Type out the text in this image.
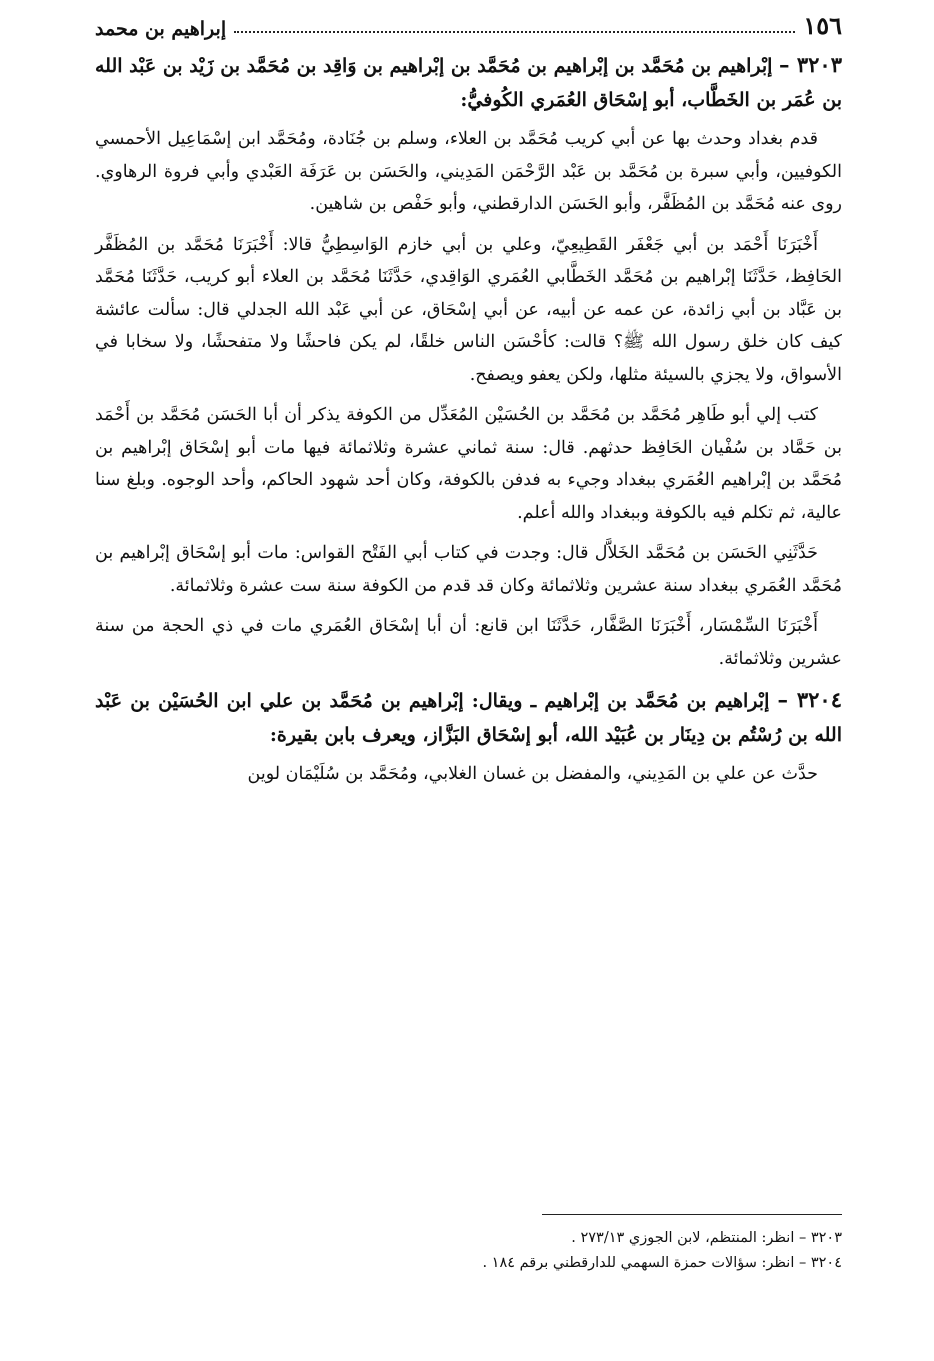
١٥٦
إبراهيم بن محمد

٣٢٠٣ – إبْراهيم بن مُحَمَّد بن إبْراهيم بن مُحَمَّد بن إبْراهيم بن وَاقِد بن مُحَمَّد بن زَيْد بن عَبْد الله بن عُمَر بن الخَطَّاب، أبو إسْحَاق العُمَري الكُوفيُّ:

قدم بغداد وحدث بها عن أبي كريب مُحَمَّد بن العلاء، وسلم بن جُنَادة، ومُحَمَّد ابن إسْمَاعِيل الأحمسي الكوفيين، وأبي سبرة بن مُحَمَّد بن عَبْد الرَّحْمَن المَدِيني، والحَسَن بن عَرَفَة العَبْدي وأبي فروة الرهاوي. روى عنه مُحَمَّد بن المُظَفَّر، وأبو الحَسَن الدارقطني، وأبو حَفْص بن شاهين.

أَخْبَرَنَا أَحْمَد بن أبي جَعْفَر القَطِيعِيّ، وعلي بن أبي خازم الوَاسِطِيُّ قالا: أَخْبَرَنَا مُحَمَّد بن المُظَفَّر الحَافِظ، حَدَّثَنَا إبْراهيم بن مُحَمَّد الخَطَّابي العُمَري الوَاقِدي، حَدَّثَنَا مُحَمَّد بن العلاء أبو كريب، حَدَّثَنَا مُحَمَّد بن عَبَّاد بن أبي زائدة، عن عمه عن أبيه، عن أبي إسْحَاق، عن أبي عَبْد الله الجدلي قال: سألت عائشة كيف كان خلق رسول الله ﷺ؟ قالت: كأحْسَن الناس خلقًا، لم يكن فاحشًا ولا متفحشًا، ولا سخابا في الأسواق، ولا يجزي بالسيئة مثلها، ولكن يعفو ويصفح.

كتب إلي أبو طَاهِر مُحَمَّد بن مُحَمَّد بن الحُسَيْن المُعَدِّل من الكوفة يذكر أن أبا الحَسَن مُحَمَّد بن أَحْمَد بن حَمَّاد بن سُفْيان الحَافِظ حدثهم. قال: سنة ثماني عشرة وثلاثمائة فيها مات أبو إسْحَاق إبْراهيم بن مُحَمَّد بن إبْراهيم العُمَري ببغداد وجيء به فدفن بالكوفة، وكان أحد شهود الحاكم، وأحد الوجوه. وبلغ سنا عالية، ثم تكلم فيه بالكوفة وببغداد والله أعلم.

حَدَّثَنِي الحَسَن بن مُحَمَّد الخَلاَّل قال: وجدت في كتاب أبي الفَتْح القواس: مات أبو إسْحَاق إبْراهيم بن مُحَمَّد العُمَري ببغداد سنة عشرين وثلاثمائة وكان قد قدم من الكوفة سنة ست عشرة وثلاثمائة.

أَخْبَرَنَا السِّمْسَار، أَخْبَرَنَا الصَّفَّار، حَدَّثَنَا ابن قانع: أن أبا إسْحَاق العُمَري مات في ذي الحجة من سنة عشرين وثلاثمائة.

٣٢٠٤ – إبْراهيم بن مُحَمَّد بن إبْراهيم ـ ويقال: إبْراهيم بن مُحَمَّد بن علي ابن الحُسَيْن بن عَبْد الله بن رُسْتُم بن دِينَار بن عُبَيْد الله، أبو إسْحَاق البَزَّاز، ويعرف بابن بقيرة:

حدَّث عن علي بن المَدِيني، والمفضل بن غسان الغلابي، ومُحَمَّد بن سُلَيْمَان لوين

٣٢٠٣ – انظر: المنتظم، لابن الجوزي ٢٧٣/١٣ .

٣٢٠٤ – انظر: سؤالات حمزة السهمي للدارقطني برقم ١٨٤ .
